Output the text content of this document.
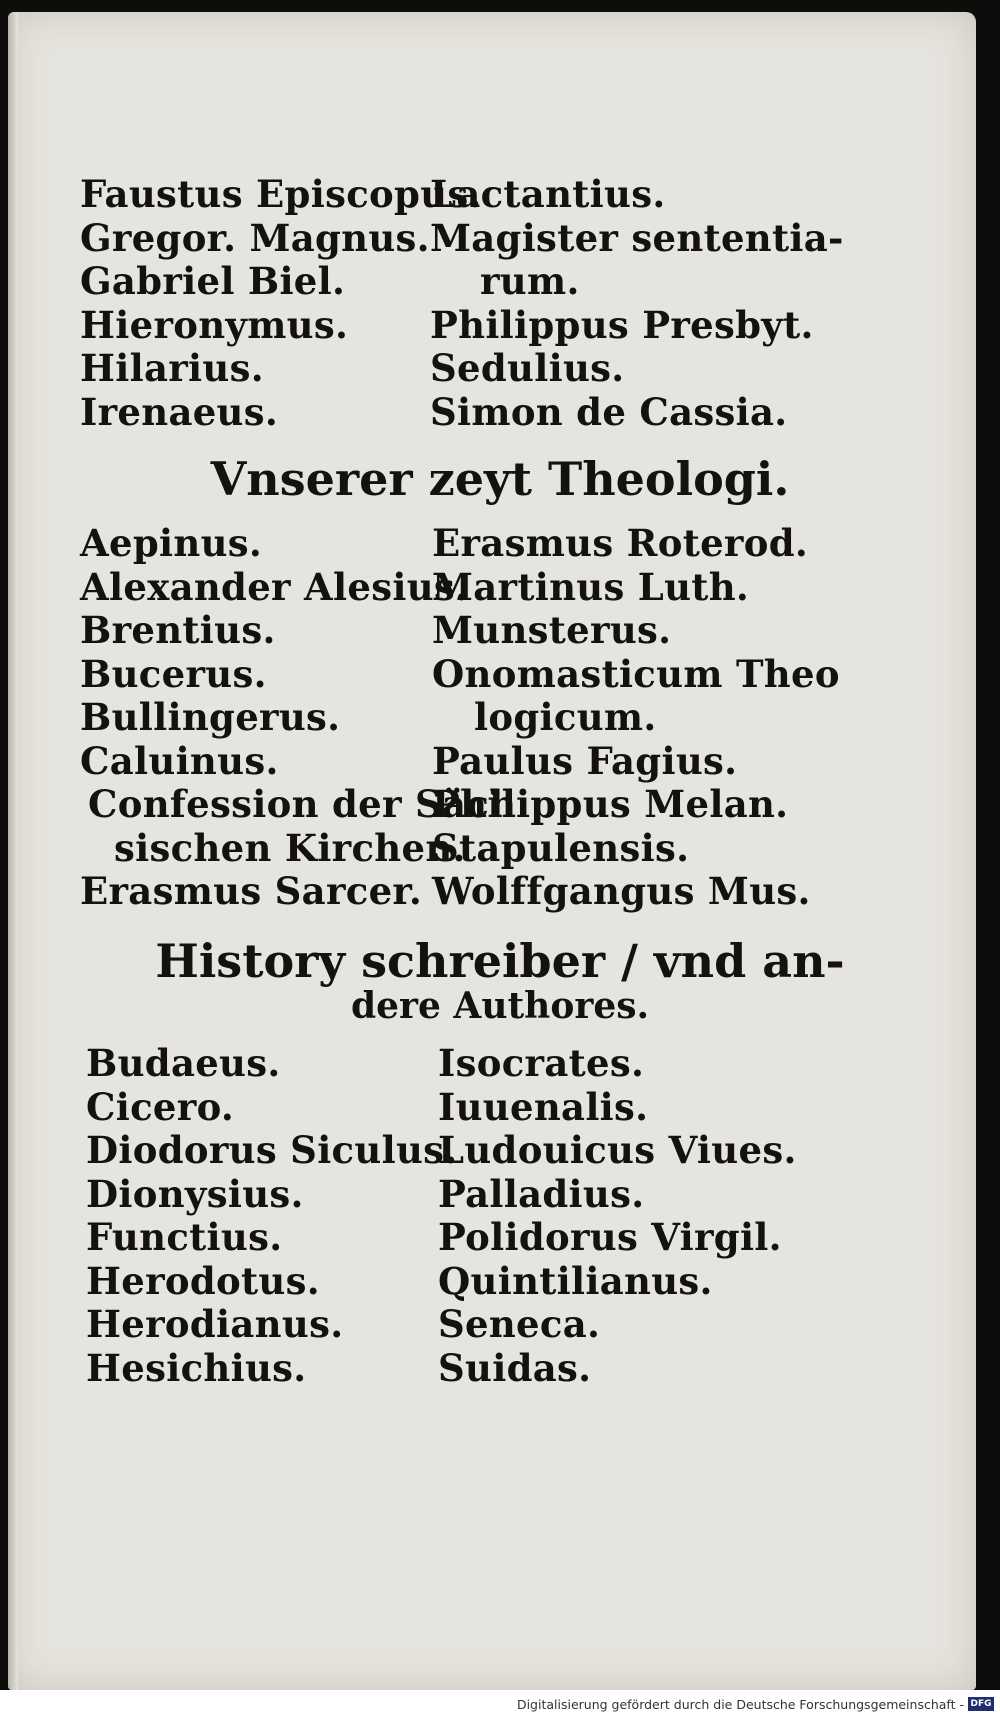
Faustus Episcopus.
Gregor. Magnus.
Gabriel Biel.
Hieronymus.
Hilarius.
Irenaeus.
Lactantius.
Magister sententia-
rum.
Philippus Presbyt.
Sedulius.
Simon de Cassia.
Vnserer zeyt Theologi.
Aepinus.
Alexander Alesius.
Brentius.
Bucerus.
Bullingerus.
Caluinus.
Confession der Säch
sischen Kirchen.
Erasmus Sarcer.
Erasmus Roterod.
Martinus Luth.
Munsterus.
Onomasticum Theo
logicum.
Paulus Fagius.
Philippus Melan.
Stapulensis.
Wolffgangus Mus.
History schreiber / vnd an-
dere Authores.
Budaeus.
Cicero.
Diodorus Siculus.
Dionysius.
Functius.
Herodotus.
Herodianus.
Hesichius.
Isocrates.
Iuuenalis.
Ludouicus Viues.
Palladius.
Polidorus Virgil.
Quintilianus.
Seneca.
Suidas.
Digitalisierung gefördert durch die Deutsche Forschungsgemeinschaft - DFG
